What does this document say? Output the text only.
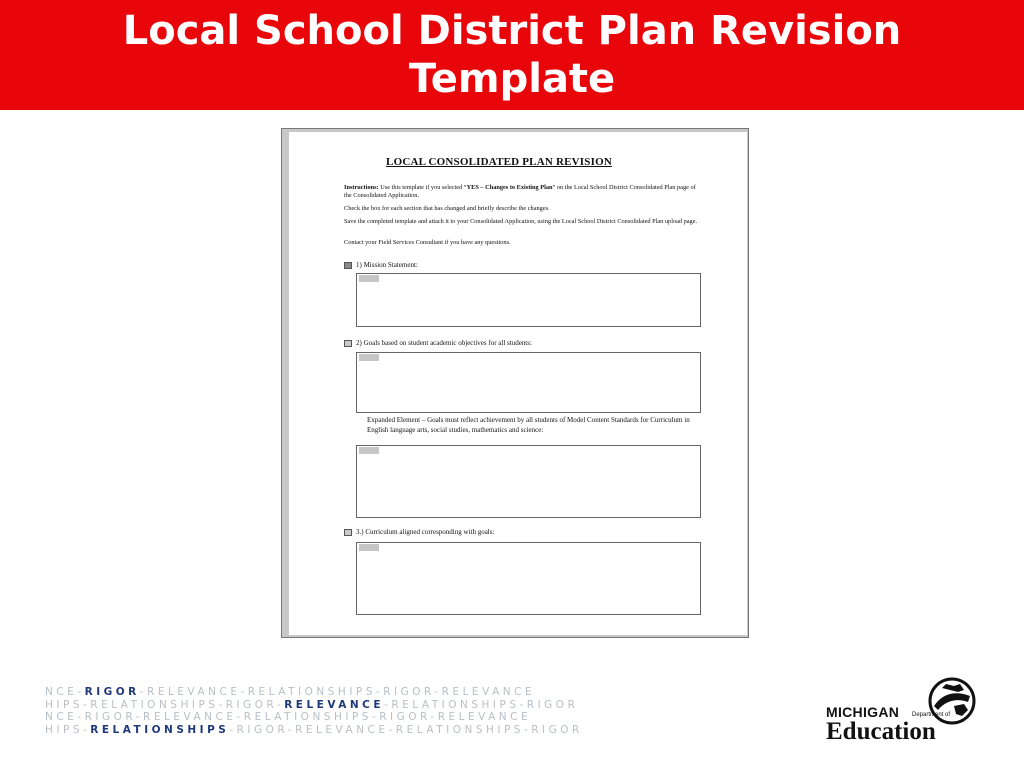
Local School District Plan Revision Template
LOCAL CONSOLIDATED PLAN REVISION

Instructions: Use this template if you selected “YES – Changes to Existing Plan” on the Local School District Consolidated Plan page of the Consolidated Application.

Check the box for each section that has changed and briefly describe the changes.

Save the completed template and attach it to your Consolidated Application, using the Local School District Consolidated Plan upload page.

Contact your Field Services Consultant if you have any questions.

1) Mission Statement:
2) Goals based on student academic objectives for all students:
Expanded Element – Goals must reflect achievement by all students of Model Content Standards for Curriculum in English language arts, social studies, mathematics and science:
3.) Curriculum aligned corresponding with goals:
NCE-RIGOR-RELEVANCE-RELATIONSHIPS-RIGOR-RELEVANCE
HIPS-RELATIONSHIPS-RIGOR-RELEVANCE-RELATIONSHIPS-RIGOR
NCE-RIGOR-RELEVANCE-RELATIONSHIPS-RIGOR-RELEVANCE
HIPS-RELATIONSHIPS-RIGOR-RELEVANCE-RELATIONSHIPS-RIGOR
MICHIGAN Department of
Education
